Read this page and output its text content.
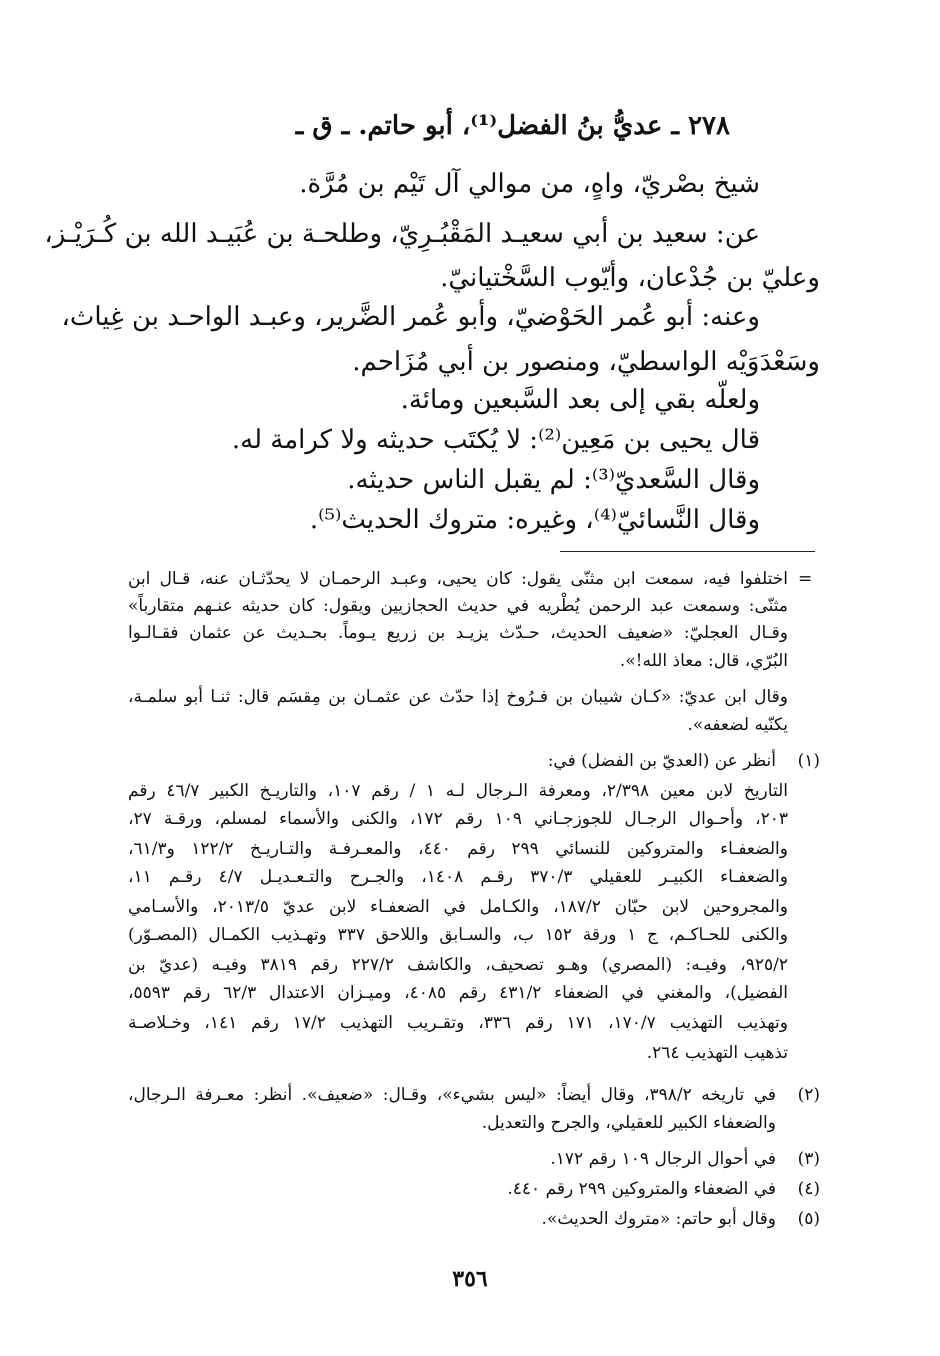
٢٧٨ ـ عديُّ بنُ الفضل⁽¹⁾، أبو حاتم. ـ ق ـ
شيخ بصْريّ، واهٍ، من موالي آل تَيْم بن مُرَّة.
عن: سعيد بن أبي سعيـد المَقْبُـرِيّ، وطلحـة بن عُبَيـد الله بن كُـرَيْـز،
وعليّ بن جُدْعان، وأيّوب السَّخْتيانيّ.
وعنه: أبو عُمر الحَوْضيّ، وأبو عُمر الضَّرير، وعبـد الواحـد بن غِياث،
وسَعْدَوَيْه الواسطيّ، ومنصور بن أبي مُزَاحم.
ولعلّه بقي إلى بعد السَّبعين ومائة.
قال يحيى بن مَعِين⁽²⁾: لا يُكتَب حديثه ولا كرامة له.
وقال السَّعديّ⁽³⁾: لم يقبل الناس حديثه.
وقال النَّسائيّ⁽⁴⁾، وغيره: متروك الحديث⁽⁵⁾.
=
اختلفوا فيه، سمعت ابن مثنّى يقول: كان يحيى، وعبـد الرحمـان لا يحدّثـان عنه، قـال ابن
مثنّى: وسمعت عبد الرحمن يُطْريه في حديث الحجازيين ويقول: كان حديثه عنـهم متقارباً»
وقـال العجليّ: «ضعيف الحديث، حـدّث يزيـد بن زريع يـوماً. بحـديث عن عثمان فقـالـوا
البُرّي، قال: معاذ الله!».
وقال ابن عديّ: «كـان شيبان بن فـرُوخ إذا حدّث عن عثمـان بن مِقسَم قال: ثنـا أبو سلمـة،
يكنّيه لضعفه».
(١)
أنظر عن (العديّ بن الفضل) في:
التاريخ لابن معين ٢/٣٩٨، ومعرفة الـرجال لـه ١ / رقم ١٠٧، والتاريـخ الكبير ٤٦/٧ رقم
٢٠٣، وأحـوال الرجـال للجوزجـاني ١٠٩ رقم ١٧٢، والكنى والأسماء لمسلم، ورقـة ٢٧،
والضعفـاء والمتروكين للنسائي ٢٩٩ رقم ٤٤٠، والمعـرفـة والتـاريـخ ١٢٢/٢ و٦١/٣،
والضعفـاء الكبيـر للعقيلي ٣٧٠/٣ رقـم ١٤٠٨، والجـرح والتـعـديـل ٤/٧ رقـم ١١،
والمجروحين لابن حبّان ١٨٧/٢، والكـامل في الضعفـاء لابن عديّ ٢٠١٣/٥، والأسـامي
والكنى للحـاكـم، ج ١ ورقة ١٥٢ ب، والسـابق واللاحق ٣٣٧ وتهـذيب الكمـال (المصـوّر)
٩٢٥/٢، وفيـه: (المصري) وهـو تصحيف، والكاشف ٢٢٧/٢ رقم ٣٨١٩ وفيـه (عديّ بن
الفضيل)، والمغني في الضعفاء ٤٣١/٢ رقم ٤٠٨٥، وميـزان الاعتدال ٦٢/٣ رقم ٥٥٩٣،
وتهذيب التهذيب ١٧٠/٧، ١٧١ رقم ٣٣٦، وتقـريب التهذيب ١٧/٢ رقم ١٤١، وخـلاصـة
تذهيب التهذيب ٢٦٤.
(٢)
في تاريخه ٣٩٨/٢، وقال أيضاً: «ليس بشيء»، وقـال: «ضعيف». أنظر: معـرفة الـرجال،
والضعفاء الكبير للعقيلي، والجرح والتعديل.
(٣)
في أحوال الرجال ١٠٩ رقم ١٧٢.
(٤)
في الضعفاء والمتروكين ٢٩٩ رقم ٤٤٠.
(٥)
وقال أبو حاتم: «متروك الحديث».
٣٥٦
